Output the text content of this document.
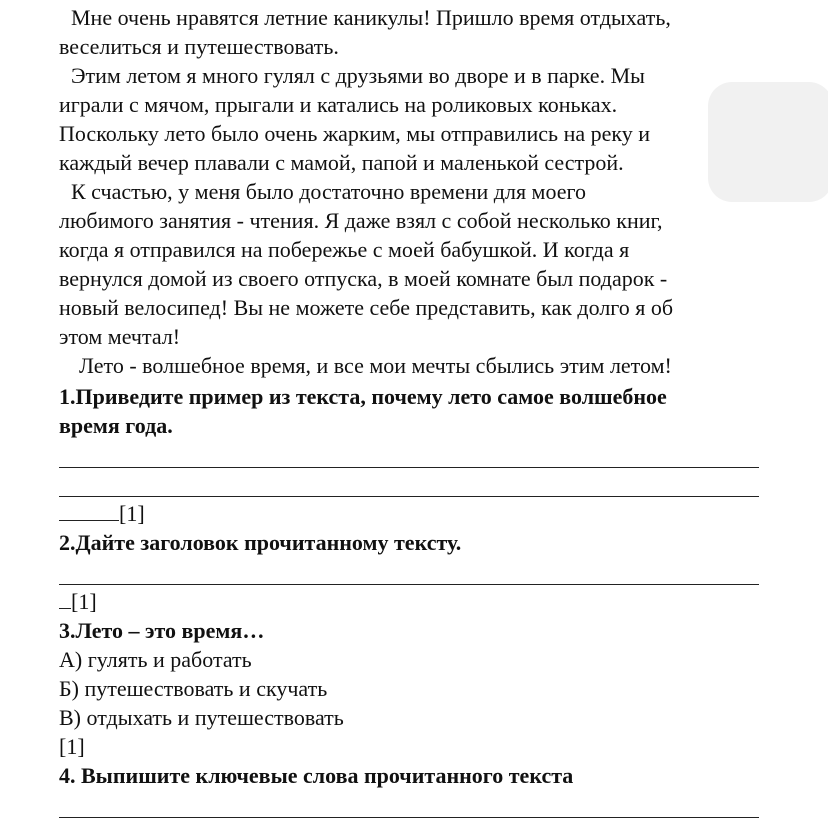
Мне очень нравятся летние каникулы! Пришло время отдыхать,
веселиться и путешествовать.
Этим летом я много гулял с друзьями во дворе и в парке. Мы
играли с мячом, прыгали и катались на роликовых коньках.
Поскольку лето было очень жарким, мы отправились на реку и
каждый вечер плавали с мамой, папой и маленькой сестрой.
К счастью, у меня было достаточно времени для моего
любимого занятия - чтения. Я даже взял с собой несколько книг,
когда я отправился на побережье с моей бабушкой. И когда я
вернулся домой из своего отпуска, в моей комнате был подарок -
новый велосипед! Вы не можете себе представить, как долго я об
этом мечтал!
Лето - волшебное время, и все мои мечты сбылись этим летом!
1.Приведите пример из текста, почему лето самое волшебное
время года.
[1]
2.Дайте заголовок прочитанному тексту.
[1]
3.Лето – это время…
А) гулять и работать
Б) путешествовать и скучать
В) отдыхать и путешествовать
[1]
4. Выпишите ключевые слова прочитанного текста
